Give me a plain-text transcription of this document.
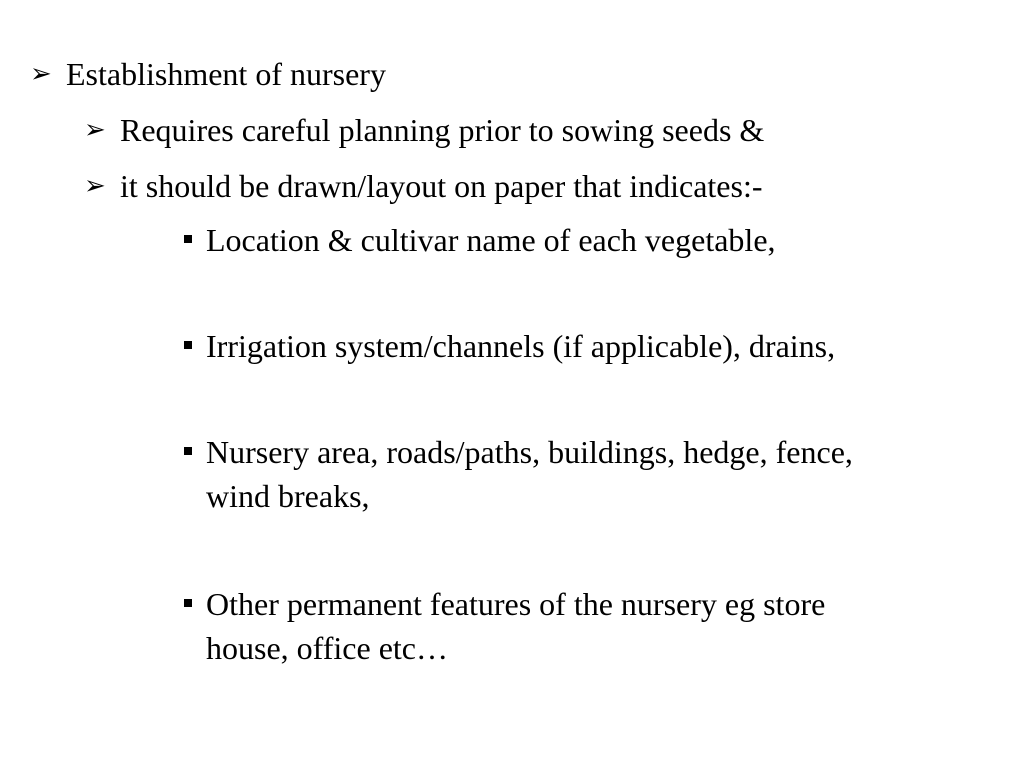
➢ Establishment of nursery
➢ Requires careful planning prior to sowing seeds &
➢ it should be drawn/layout on paper that indicates:-
Location & cultivar name of each vegetable,
Irrigation system/channels (if applicable), drains,
Nursery area, roads/paths, buildings, hedge, fence,
wind breaks,
Other permanent features of the nursery eg store
house, office etc…
